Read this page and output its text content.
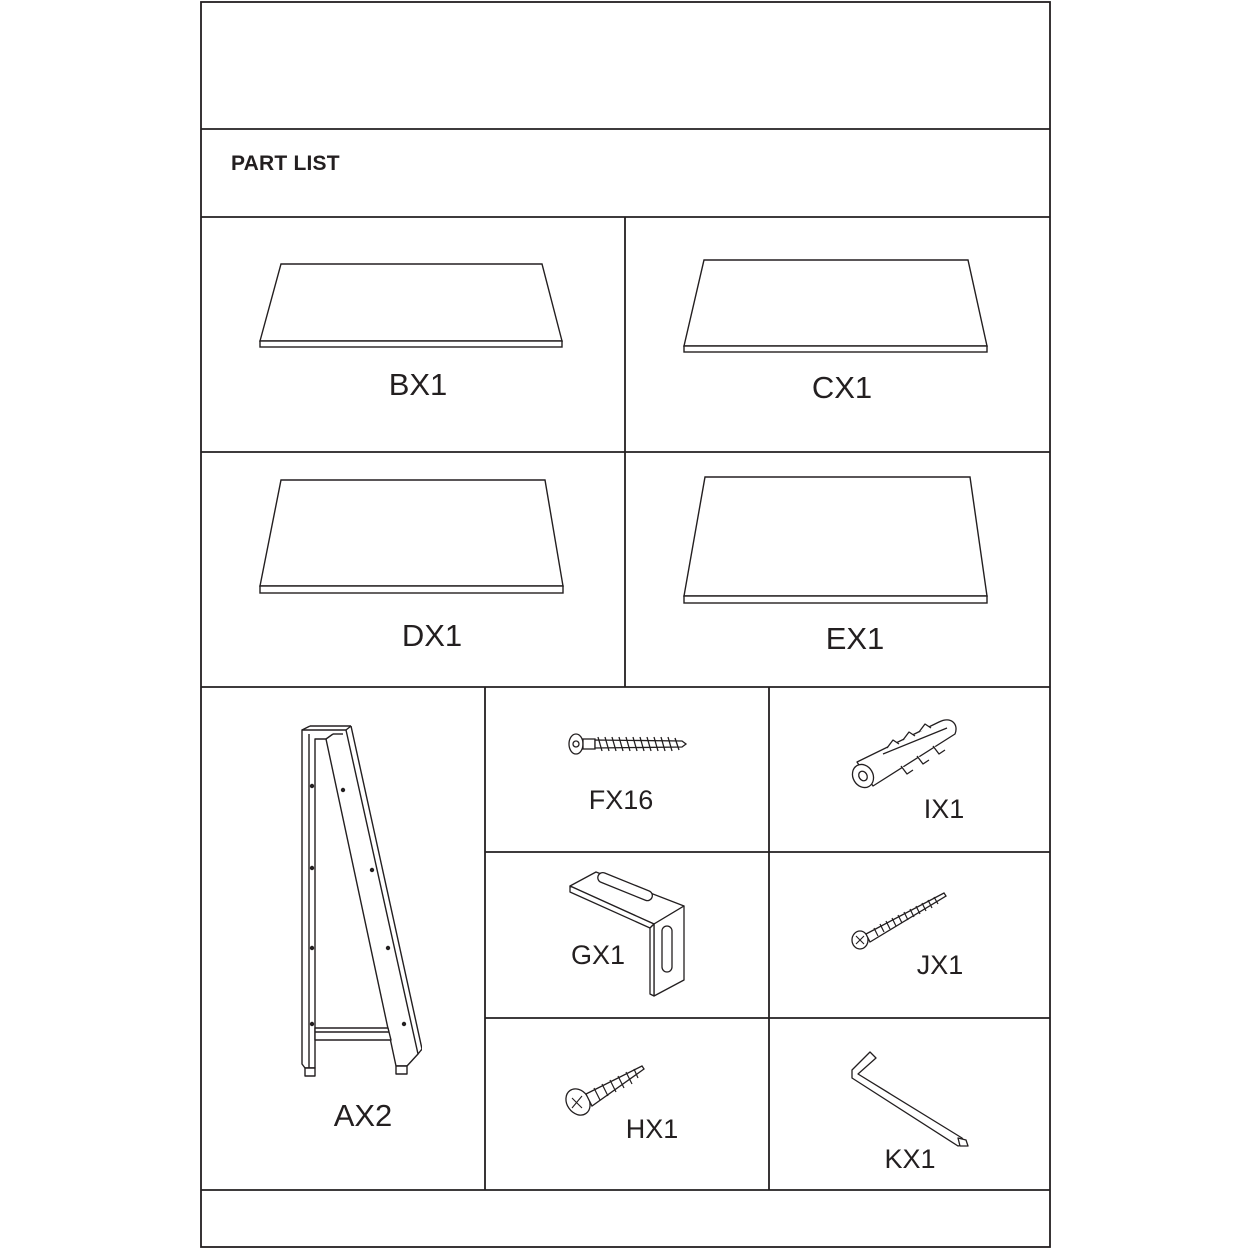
PART LIST
BX1	CX1
DX1	EX1
AX2
FX16	IX1
GX1	JX1
HX1
KX1
